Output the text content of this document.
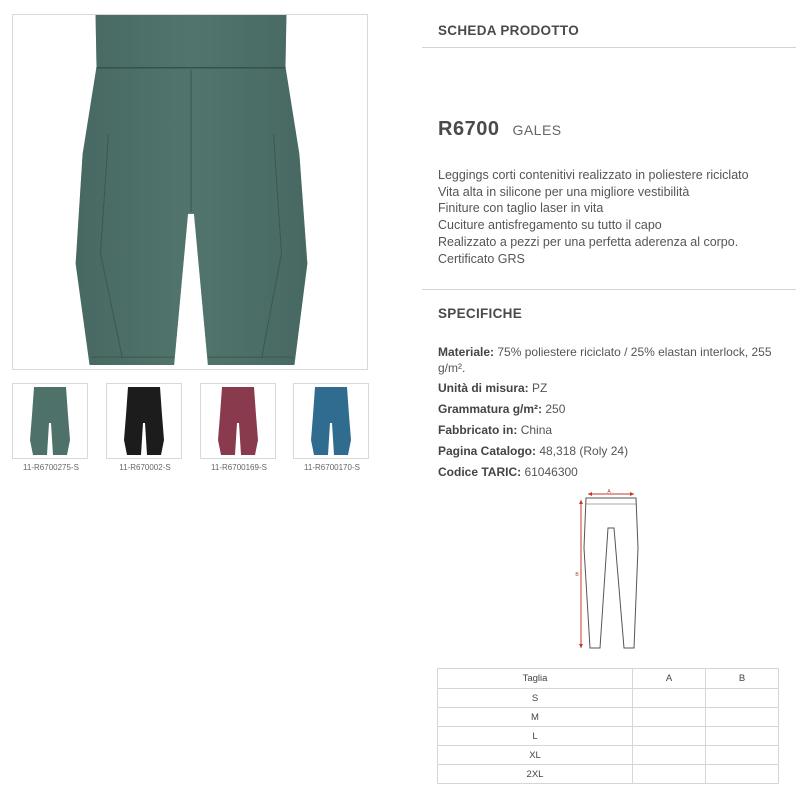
11-R6700275-S	11-R670002-S	11-R6700169-S	11-R6700170-S
SCHEDA PRODOTTO
R6700 GALES
Leggings corti contenitivi realizzato in poliestere riciclato
Vita alta in silicone per una migliore vestibilità
Finiture con taglio laser in vita
Cuciture antisfregamento su tutto il capo
Realizzato a pezzi per una perfetta aderenza al corpo.
Certificato GRS
SPECIFICHE
Materiale: 75% poliestere riciclato / 25% elastan interlock, 255 g/m².
Unità di misura: PZ
Grammatura g/m²: 250
Fabbricato in: China
Pagina Catalogo: 48,318 (Roly 24)
Codice TARIC: 61046300
A
B
Taglia	A	B
S		
M		
L		
XL		
2XL		
